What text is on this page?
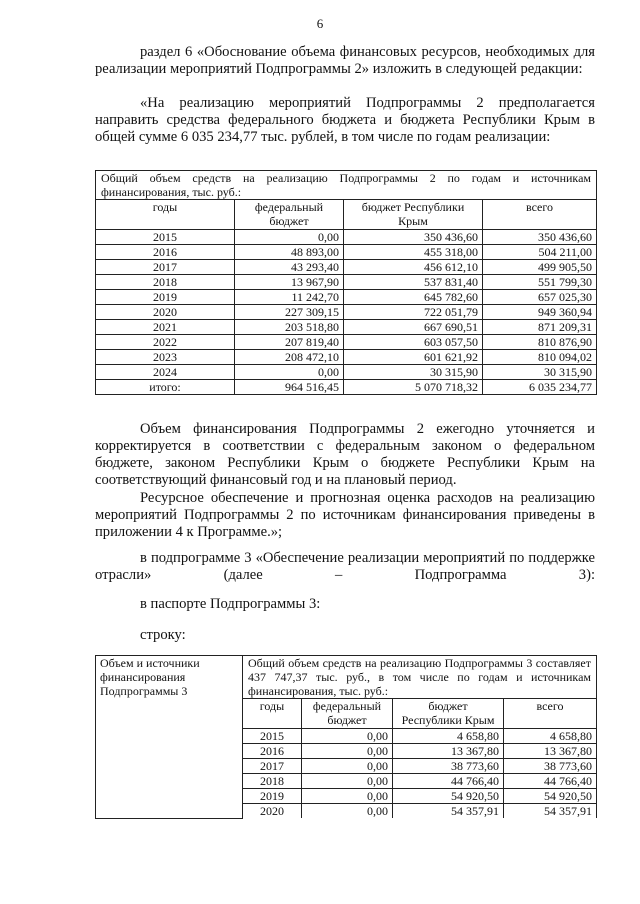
6
раздел 6 «Обоснование объема финансовых ресурсов, необходимых для реализации мероприятий Подпрограммы 2» изложить в следующей редакции:
«На реализацию мероприятий Подпрограммы 2 предполагается направить средства федерального бюджета и бюджета Республики Крым в общей сумме 6 035 234,77 тыс. рублей, в том числе по годам реализации:
Общий объем средств на реализацию Подпрограммы 2 по годам и источникам финансирования, тыс. руб.:			
годы	федеральный бюджет	бюджет Республики Крым	всего
2015	0,00	350 436,60	350 436,60
2016	48 893,00	455 318,00	504 211,00
2017	43 293,40	456 612,10	499 905,50
2018	13 967,90	537 831,40	551 799,30
2019	11 242,70	645 782,60	657 025,30
2020	227 309,15	722 051,79	949 360,94
2021	203 518,80	667 690,51	871 209,31
2022	207 819,40	603 057,50	810 876,90
2023	208 472,10	601 621,92	810 094,02
2024	0,00	30 315,90	30 315,90
итого:	964 516,45	5 070 718,32	6 035 234,77
Объем финансирования Подпрограммы 2 ежегодно уточняется и корректируется в соответствии с федеральным законом о федеральном бюджете, законом Республики Крым о бюджете Республики Крым на соответствующий финансовый год и на плановый период.
Ресурсное обеспечение и прогнозная оценка расходов на реализацию мероприятий Подпрограммы 2 по источникам финансирования приведены в приложении 4 к Программе.»;
в подпрограмме 3 «Обеспечение реализации мероприятий по поддержке отрасли» (далее – Подпрограмма 3):
в паспорте Подпрограммы 3:
строку:
Объем и источники финансирования Подпрограммы 3	
Общий объем средств на реализацию Подпрограммы 3 составляет 437 747,37 тыс. руб., в том числе по годам и источникам финансирования, тыс. руб.:
годы	федеральный бюджет	бюджет Республики Крым	всего
2015	0,00	4 658,80	4 658,80
2016	0,00	13 367,80	13 367,80
2017	0,00	38 773,60	38 773,60
2018	0,00	44 766,40	44 766,40
2019	0,00	54 920,50	54 920,50
2020	0,00	54 357,91	54 357,91
